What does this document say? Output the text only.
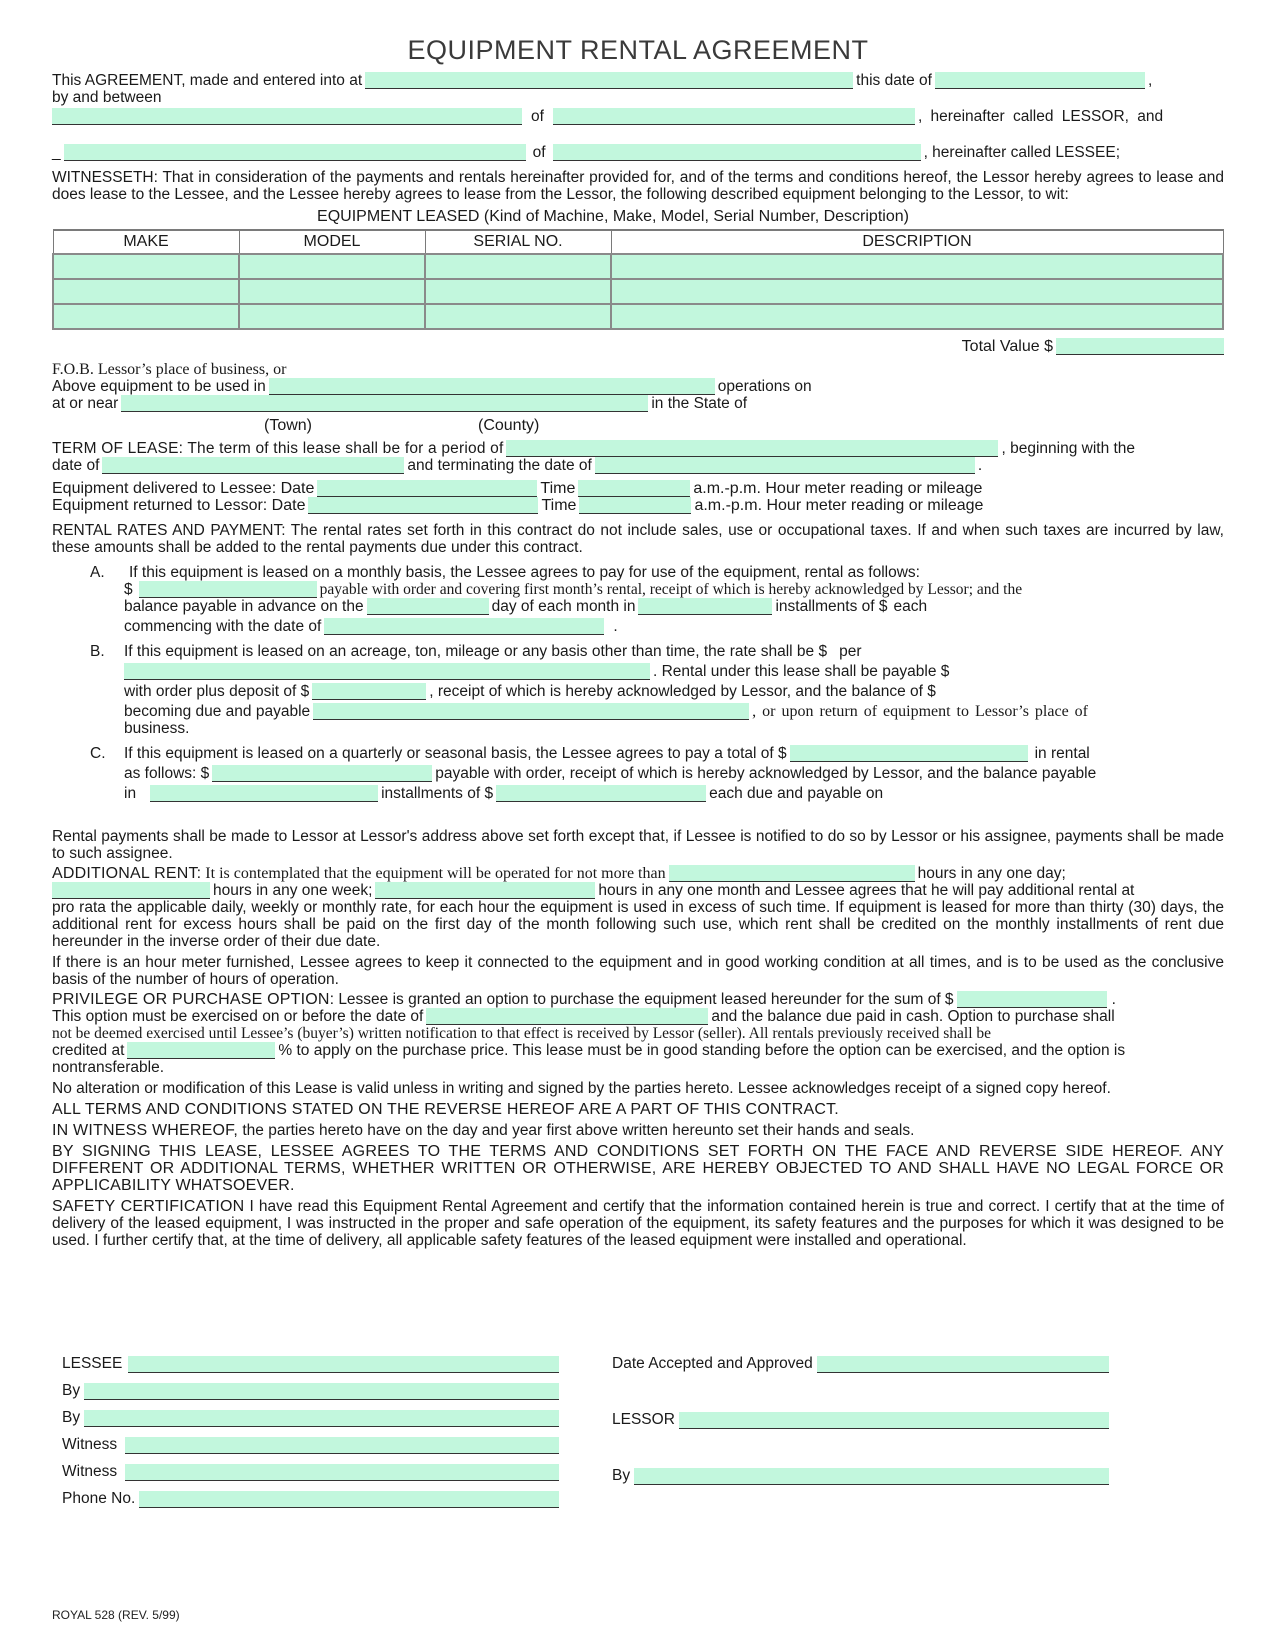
EQUIPMENT RENTAL AGREEMENT
This AGREEMENT, made and entered into at	this date of	,
by and between
of	, hereinafter called LESSOR, and
_	of	, hereinafter called LESSEE;

WITNESSETH: That in consideration of the payments and rentals hereinafter provided for, and of the terms and conditions hereof, the Lessor hereby agrees to lease and does lease to the Lessee, and the Lessee hereby agrees to lease from the Lessor, the following described equipment belonging to the Lessor, to wit:

EQUIPMENT LEASED (Kind of Machine, Make, Model, Serial Number, Description)
MAKE	MODEL	SERIAL NO.	DESCRIPTION

Total Value $
F.O.B. Lessor’s place of business, or
Above equipment to be used in	operations on
at or near	in the State of
(Town)	(County)
TERM OF LEASE: The term of this lease shall be for a period of	, beginning with the
date of	and terminating the date of	.
Equipment delivered to Lessee: Date	Time	a.m.-p.m. Hour meter reading or mileage
Equipment returned to Lessor: Date	Time	a.m.-p.m. Hour meter reading or mileage

RENTAL RATES AND PAYMENT: The rental rates set forth in this contract do not include sales, use or occupational taxes. If and when such taxes are incurred by law, these amounts shall be added to the rental payments due under this contract.

A.	If this equipment is leased on a monthly basis, the Lessee agrees to pay for use of the equipment, rental as follows:
$	payable with order and covering first month’s rental, receipt of which is hereby acknowledged by Lessor; and the
balance payable in advance on the	day of each month in	installments of $ each
commencing with the date of	.
B.	If this equipment is leased on an acreage, ton, mileage or any basis other than time, the rate shall be $ per
. Rental under this lease shall be payable $
with order plus deposit of $	, receipt of which is hereby acknowledged by Lessor, and the balance of $
becoming due and payable	, or upon return of equipment to Lessor’s place of
business.
C.	If this equipment is leased on a quarterly or seasonal basis, the Lessee agrees to pay a total of $	in rental
as follows: $	payable with order, receipt of which is hereby acknowledged by Lessor, and the balance payable
in	installments of $	each due and payable on

Rental payments shall be made to Lessor at Lessor's address above set forth except that, if Lessee is notified to do so by Lessor or his assignee, payments shall be made to such assignee.

ADDITIONAL RENT: It is contemplated that the equipment will be operated for not more than	hours in any one day;
hours in any one week;	hours in any one month and Lessee agrees that he will pay additional rental at

pro rata the applicable daily, weekly or monthly rate, for each hour the equipment is used in excess of such time. If equipment is leased for more than thirty (30) days, the additional rent for excess hours shall be paid on the first day of the month following such use, which rent shall be credited on the monthly installments of rent due hereunder in the inverse order of their due date.

If there is an hour meter furnished, Lessee agrees to keep it connected to the equipment and in good working condition at all times, and is to be used as the conclusive basis of the number of hours of operation.

PRIVILEGE OR PURCHASE OPTION: Lessee is granted an option to purchase the equipment leased hereunder for the sum of $	.
This option must be exercised on or before the date of	and the balance due paid in cash. Option to purchase shall
not be deemed exercised until Lessee’s (buyer’s) written notification to that effect is received by Lessor (seller). All rentals previously received shall be
credited at	% to apply on the purchase price. This lease must be in good standing before the option can be exercised, and the option is
nontransferable.

No alteration or modification of this Lease is valid unless in writing and signed by the parties hereto. Lessee acknowledges receipt of a signed copy hereof.

ALL TERMS AND CONDITIONS STATED ON THE REVERSE HEREOF ARE A PART OF THIS CONTRACT.

IN WITNESS WHEREOF, the parties hereto have on the day and year first above written hereunto set their hands and seals.

BY SIGNING THIS LEASE, LESSEE AGREES TO THE TERMS AND CONDITIONS SET FORTH ON THE FACE AND REVERSE SIDE HEREOF. ANY DIFFERENT OR ADDITIONAL TERMS, WHETHER WRITTEN OR OTHERWISE, ARE HEREBY OBJECTED TO AND SHALL HAVE NO LEGAL FORCE OR APPLICABILITY WHATSOEVER.

SAFETY CERTIFICATION I have read this Equipment Rental Agreement and certify that the information contained herein is true and correct. I certify that at the time of delivery of the leased equipment, I was instructed in the proper and safe operation of the equipment, its safety features and the purposes for which it was designed to be used. I further certify that, at the time of delivery, all applicable safety features of the leased equipment were installed and operational.

LESSEE
By
By
Witness
Witness
Phone No.
Date Accepted and Approved
LESSOR
By
ROYAL 528 (REV. 5/99)
